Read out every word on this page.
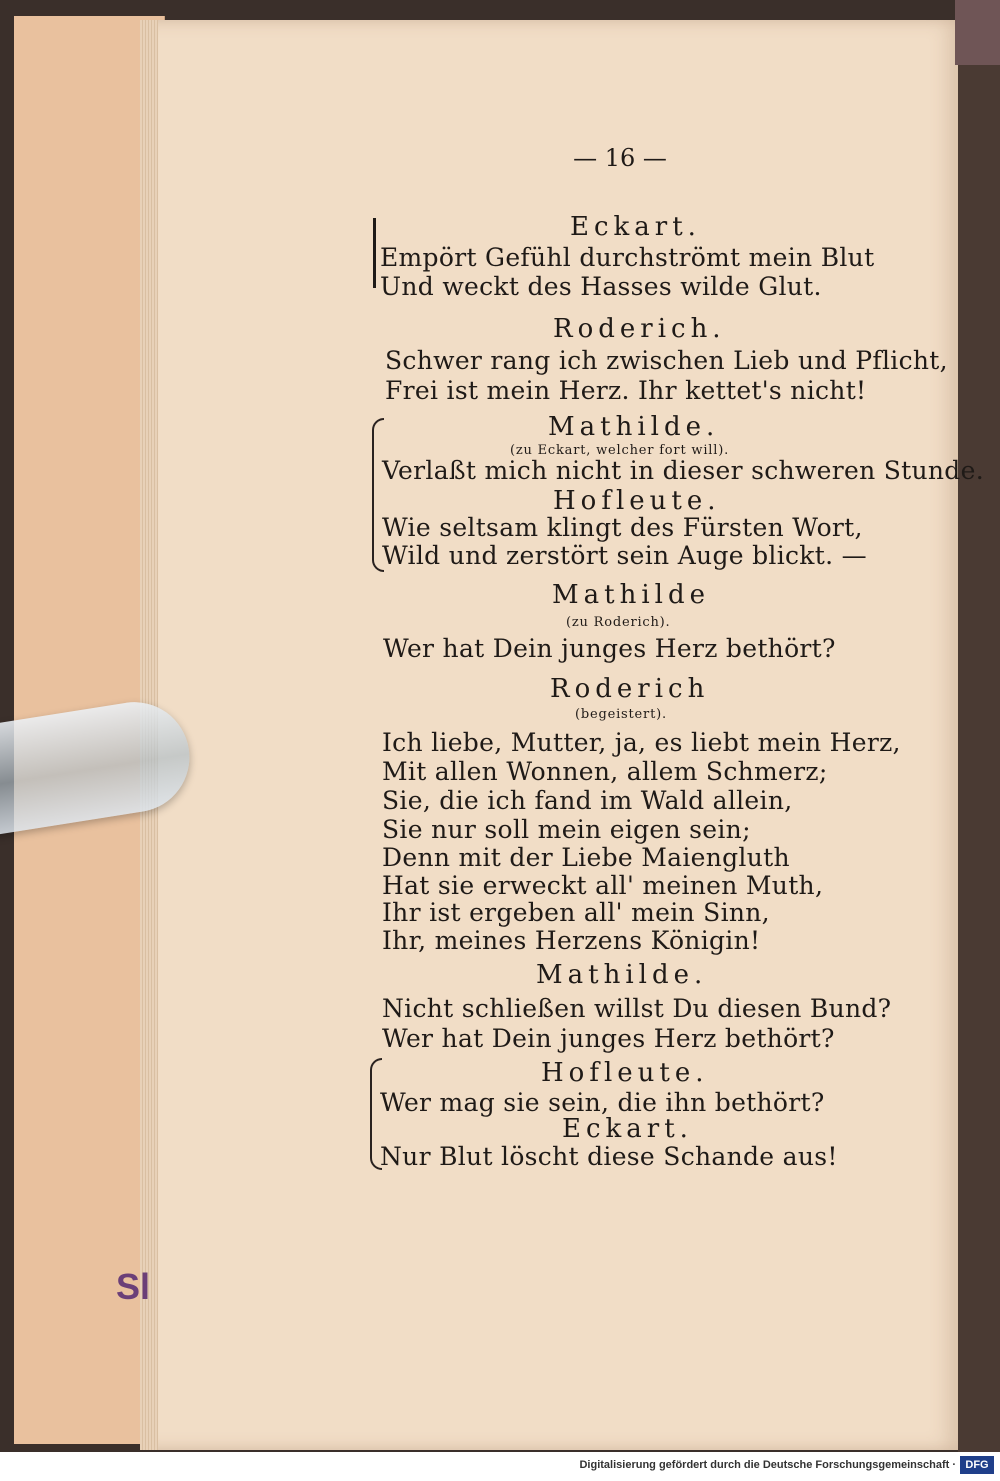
Sl
— 16 —
Eckart.
Empört Gefühl durchströmt mein Blut
Und weckt des Hasses wilde Glut.
Roderich.
Schwer rang ich zwischen Lieb und Pflicht,
Frei ist mein Herz. Ihr kettet's nicht!
Mathilde.
(zu Eckart, welcher fort will).
Verlaßt mich nicht in dieser schweren Stunde.
Hofleute.
Wie seltsam klingt des Fürsten Wort,
Wild und zerstört sein Auge blickt. —
Mathilde
(zu Roderich).
Wer hat Dein junges Herz bethört?
Roderich
(begeistert).
Ich liebe, Mutter, ja, es liebt mein Herz,
Mit allen Wonnen, allem Schmerz;
Sie, die ich fand im Wald allein,
Sie nur soll mein eigen sein;
Denn mit der Liebe Maiengluth
Hat sie erweckt all' meinen Muth,
Ihr ist ergeben all' mein Sinn,
Ihr, meines Herzens Königin!
Mathilde.
Nicht schließen willst Du diesen Bund?
Wer hat Dein junges Herz bethört?
Hofleute.
Wer mag sie sein, die ihn bethört?
Eckart.
Nur Blut löscht diese Schande aus!
Digitalisierung gefördert durch die Deutsche Forschungsgemeinschaft · DFG
